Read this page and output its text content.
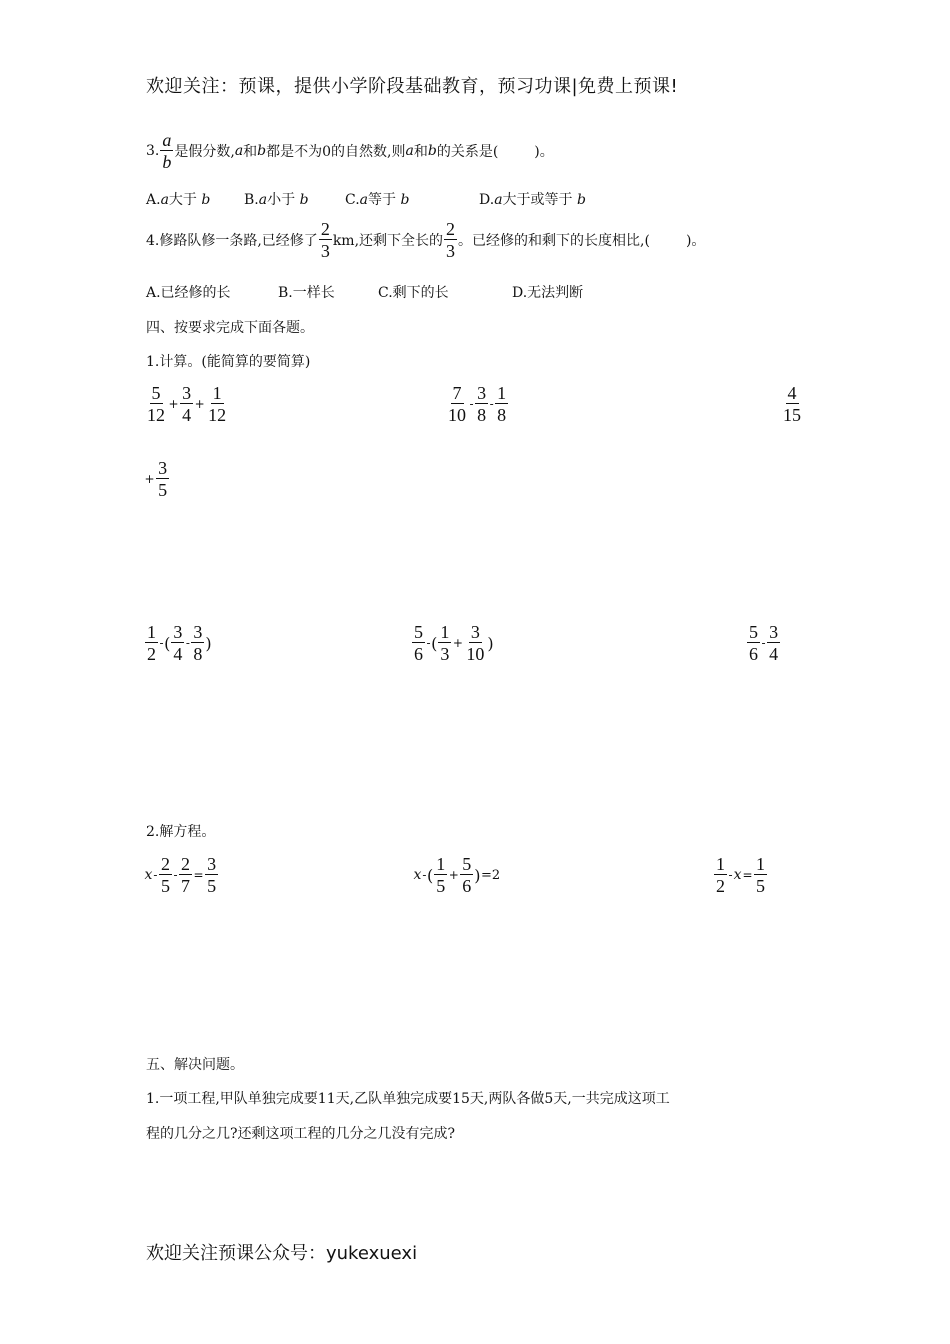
欢迎关注：预课，提供小学阶段基础教育，预习功课|免费上预课!
3. $\frac{a}{b}$ 是假分数, a 和 b 都是不为0的自然数,则 a 和 b 的关系是(	)。
A.a大于 b B.a小于 b	C.a等于 b	D.a大于或等于 b
4.修路队修一条路,已经修了 $\frac{2}{3}$ km,还剩下全长的 $\frac{2}{3}$ 。已经修的和剩下的长度相比,(	)。
A.已经修的长	B.一样长	C.剩下的长	D.无法判断
四、按要求完成下面各题。
1.计算。(能简算的要简算)
$\frac{5}{12} + \frac{3}{4} + \frac{1}{12}$	$\frac{7}{10} - \frac{3}{8} - \frac{1}{8}$	$\frac{4}{15}$
+ $\frac{3}{5}$
$\frac{1}{2}$ - ( $\frac{3}{4} - \frac{3}{8}$ )	$\frac{5}{6}$ - ( $\frac{1}{3} + \frac{3}{10}$ )	$\frac{5}{6} - \frac{3}{4}$
2.解方程。
$x - \frac{2}{5} - \frac{2}{7} = \frac{3}{5}$	x - ( $\frac{1}{5} + \frac{5}{6}$ ) =2	$\frac{1}{2} - x = \frac{1}{5}$
五、解决问题。
1.一项工程,甲队单独完成要11天,乙队单独完成要15天,两队各做5天,一共完成这项工
程的几分之几?还剩这项工程的几分之几没有完成?
欢迎关注预课公众号：yukexuexi
